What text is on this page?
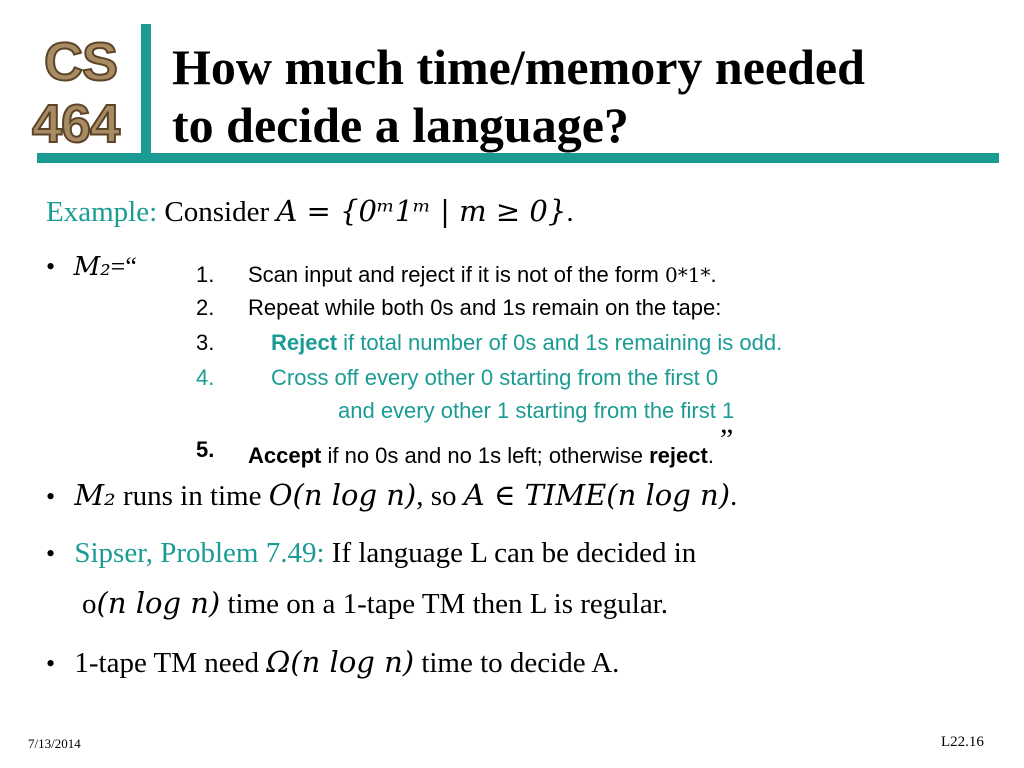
CS
464
How much time/memory needed
to decide a language?
Example: Consider A = {0ᵐ1ᵐ | m ≥ 0}.
• M₂=“	1. Scan input and reject if it is not of the form 0*1*.
2. Repeat while both 0s and 1s remain on the tape:
3.	Reject if total number of 0s and 1s remaining is odd.
4.	Cross off every other 0 starting from the first 0
and every other 1 starting from the first 1
5. Accept if no 0s and no 1s left; otherwise reject. ”
• M₂ runs in time O(n log n), so A ∈ TIME(n log n).
• Sipser, Problem 7.49: If language L can be decided in
o(n log n) time on a 1-tape TM then L is regular.
• 1-tape TM need Ω(n log n) time to decide A.
7/13/2014	L22.16
